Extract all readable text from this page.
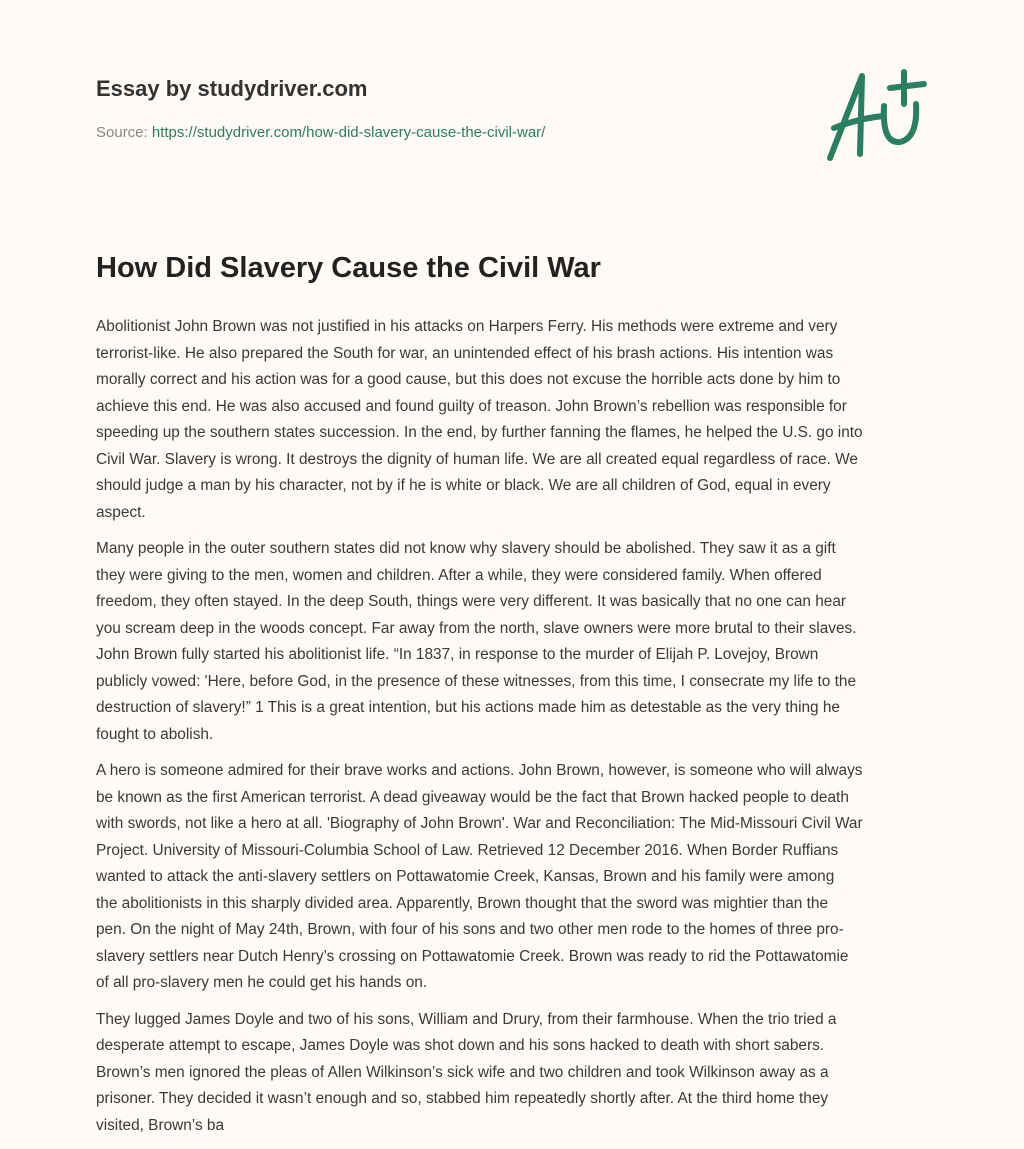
Essay by studydriver.com
Source: https://studydriver.com/how-did-slavery-cause-the-civil-war/
How Did Slavery Cause the Civil War

Abolitionist John Brown was not justified in his attacks on Harpers Ferry. His methods were extreme and very
terrorist-like. He also prepared the South for war, an unintended effect of his brash actions. His intention was
morally correct and his action was for a good cause, but this does not excuse the horrible acts done by him to
achieve this end. He was also accused and found guilty of treason. John Brown’s rebellion was responsible for
speeding up the southern states succession. In the end, by further fanning the flames, he helped the U.S. go into
Civil War. Slavery is wrong. It destroys the dignity of human life. We are all created equal regardless of race. We
should judge a man by his character, not by if he is white or black. We are all children of God, equal in every
aspect.

Many people in the outer southern states did not know why slavery should be abolished. They saw it as a gift
they were giving to the men, women and children. After a while, they were considered family. When offered
freedom, they often stayed. In the deep South, things were very different. It was basically that no one can hear
you scream deep in the woods concept. Far away from the north, slave owners were more brutal to their slaves.
John Brown fully started his abolitionist life. “In 1837, in response to the murder of Elijah P. Lovejoy, Brown
publicly vowed: 'Here, before God, in the presence of these witnesses, from this time, I consecrate my life to the
destruction of slavery!” 1 This is a great intention, but his actions made him as detestable as the very thing he
fought to abolish.

A hero is someone admired for their brave works and actions. John Brown, however, is someone who will always
be known as the first American terrorist. A dead giveaway would be the fact that Brown hacked people to death
with swords, not like a hero at all. 'Biography of John Brown'. War and Reconciliation: The Mid-Missouri Civil War
Project. University of Missouri-Columbia School of Law. Retrieved 12 December 2016. When Border Ruffians
wanted to attack the anti-slavery settlers on Pottawatomie Creek, Kansas, Brown and his family were among
the abolitionists in this sharply divided area. Apparently, Brown thought that the sword was mightier than the
pen. On the night of May 24th, Brown, with four of his sons and two other men rode to the homes of three pro-
slavery settlers near Dutch Henry’s crossing on Pottawatomie Creek. Brown was ready to rid the Pottawatomie
of all pro-slavery men he could get his hands on.

They lugged James Doyle and two of his sons, William and Drury, from their farmhouse. When the trio tried a
desperate attempt to escape, James Doyle was shot down and his sons hacked to death with short sabers.
Brown’s men ignored the pleas of Allen Wilkinson’s sick wife and two children and took Wilkinson away as a
prisoner. They decided it wasn’t enough and so, stabbed him repeatedly shortly after. At the third home they
visited, Brown’s ba
